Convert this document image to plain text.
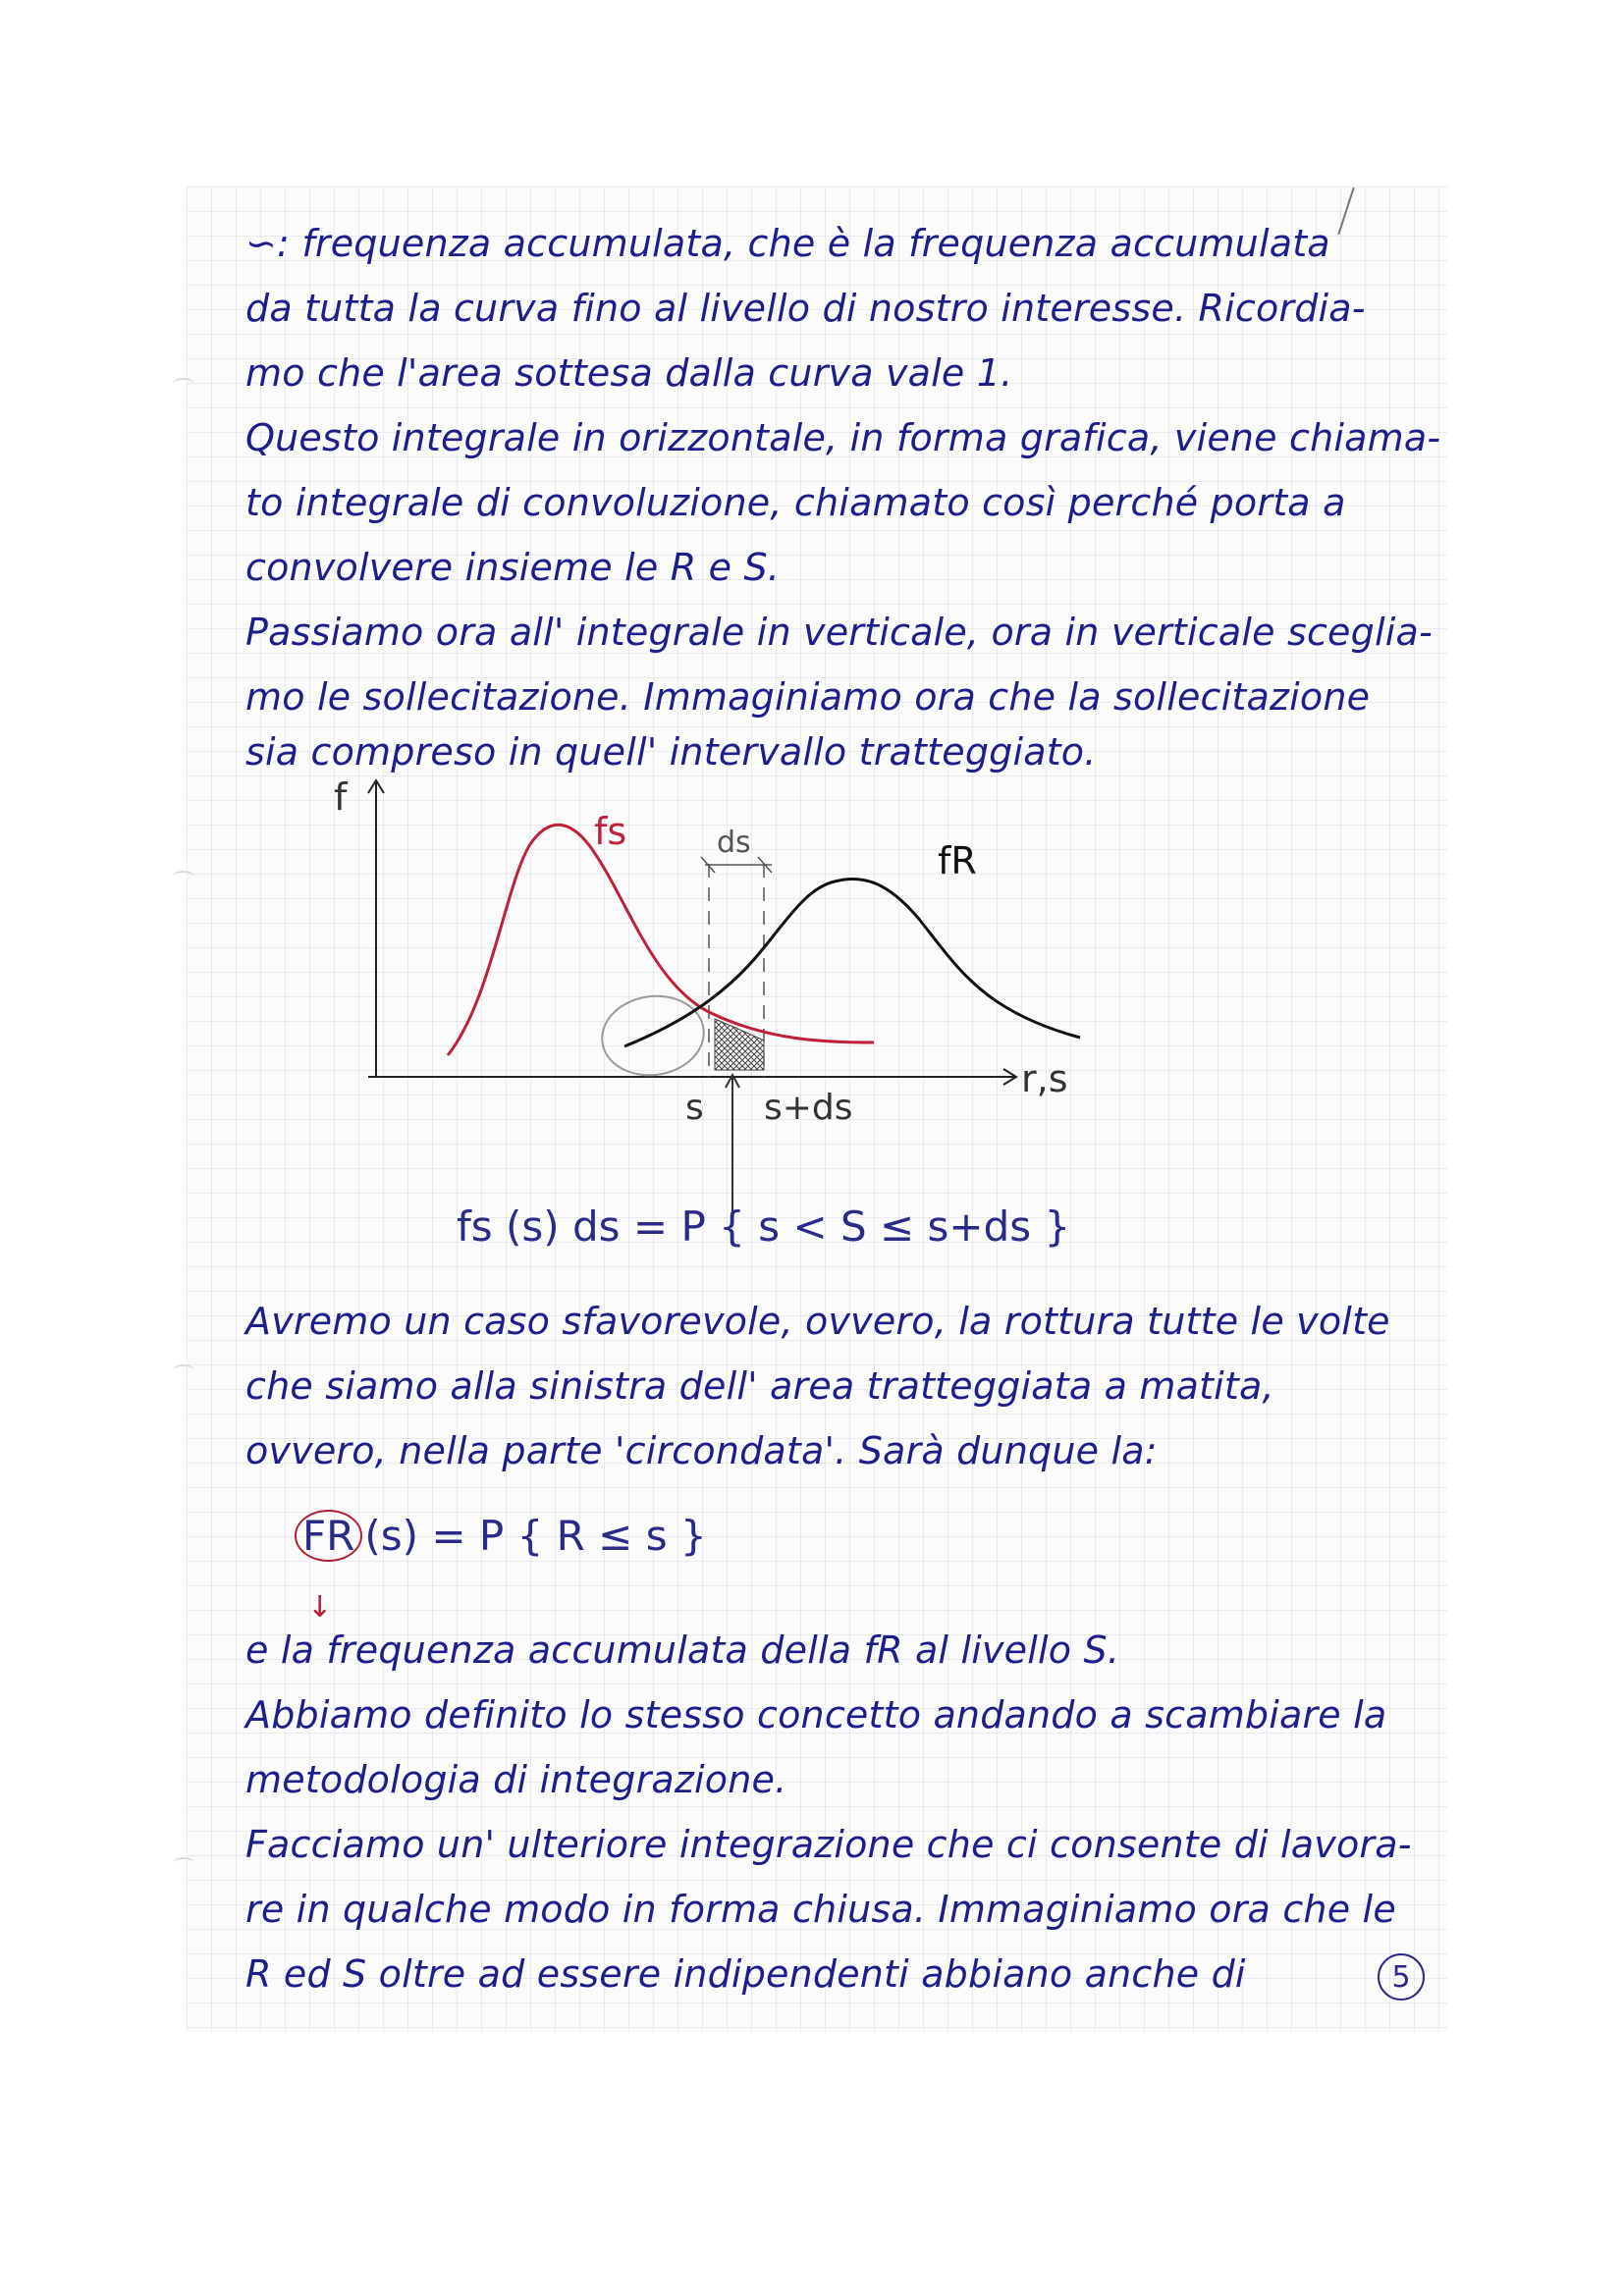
∽: frequenza accumulata, che è la frequenza accumulata
da tutta la curva fino al livello di nostro interesse. Ricordia-
mo che l'area sottesa dalla curva vale 1.
Questo integrale in orizzontale, in forma grafica, viene chiama-
to integrale di convoluzione, chiamato così perché porta a
convolvere insieme le R e S.
Passiamo ora all' integrale in verticale, ora in verticale sceglia-
mo le sollecitazione. Immaginiamo ora che la sollecitazione
sia compreso in quell' intervallo tratteggiato.
f
fs
fR
ds
r,s
s s+ds
fs (s) ds = P { s < S ≤ s+ds }
Avremo un caso sfavorevole, ovvero, la rottura tutte le volte
che siamo alla sinistra dell' area tratteggiata a matita,
ovvero, nella parte 'circondata'. Sarà dunque la:
FR (s) = P { R ≤ s }
↓
e la frequenza accumulata della fR al livello S.
Abbiamo definito lo stesso concetto andando a scambiare la
metodologia di integrazione.
Facciamo un' ulteriore integrazione che ci consente di lavora-
re in qualche modo in forma chiusa. Immaginiamo ora che le
R ed S oltre ad essere indipendenti abbiano anche di	5
